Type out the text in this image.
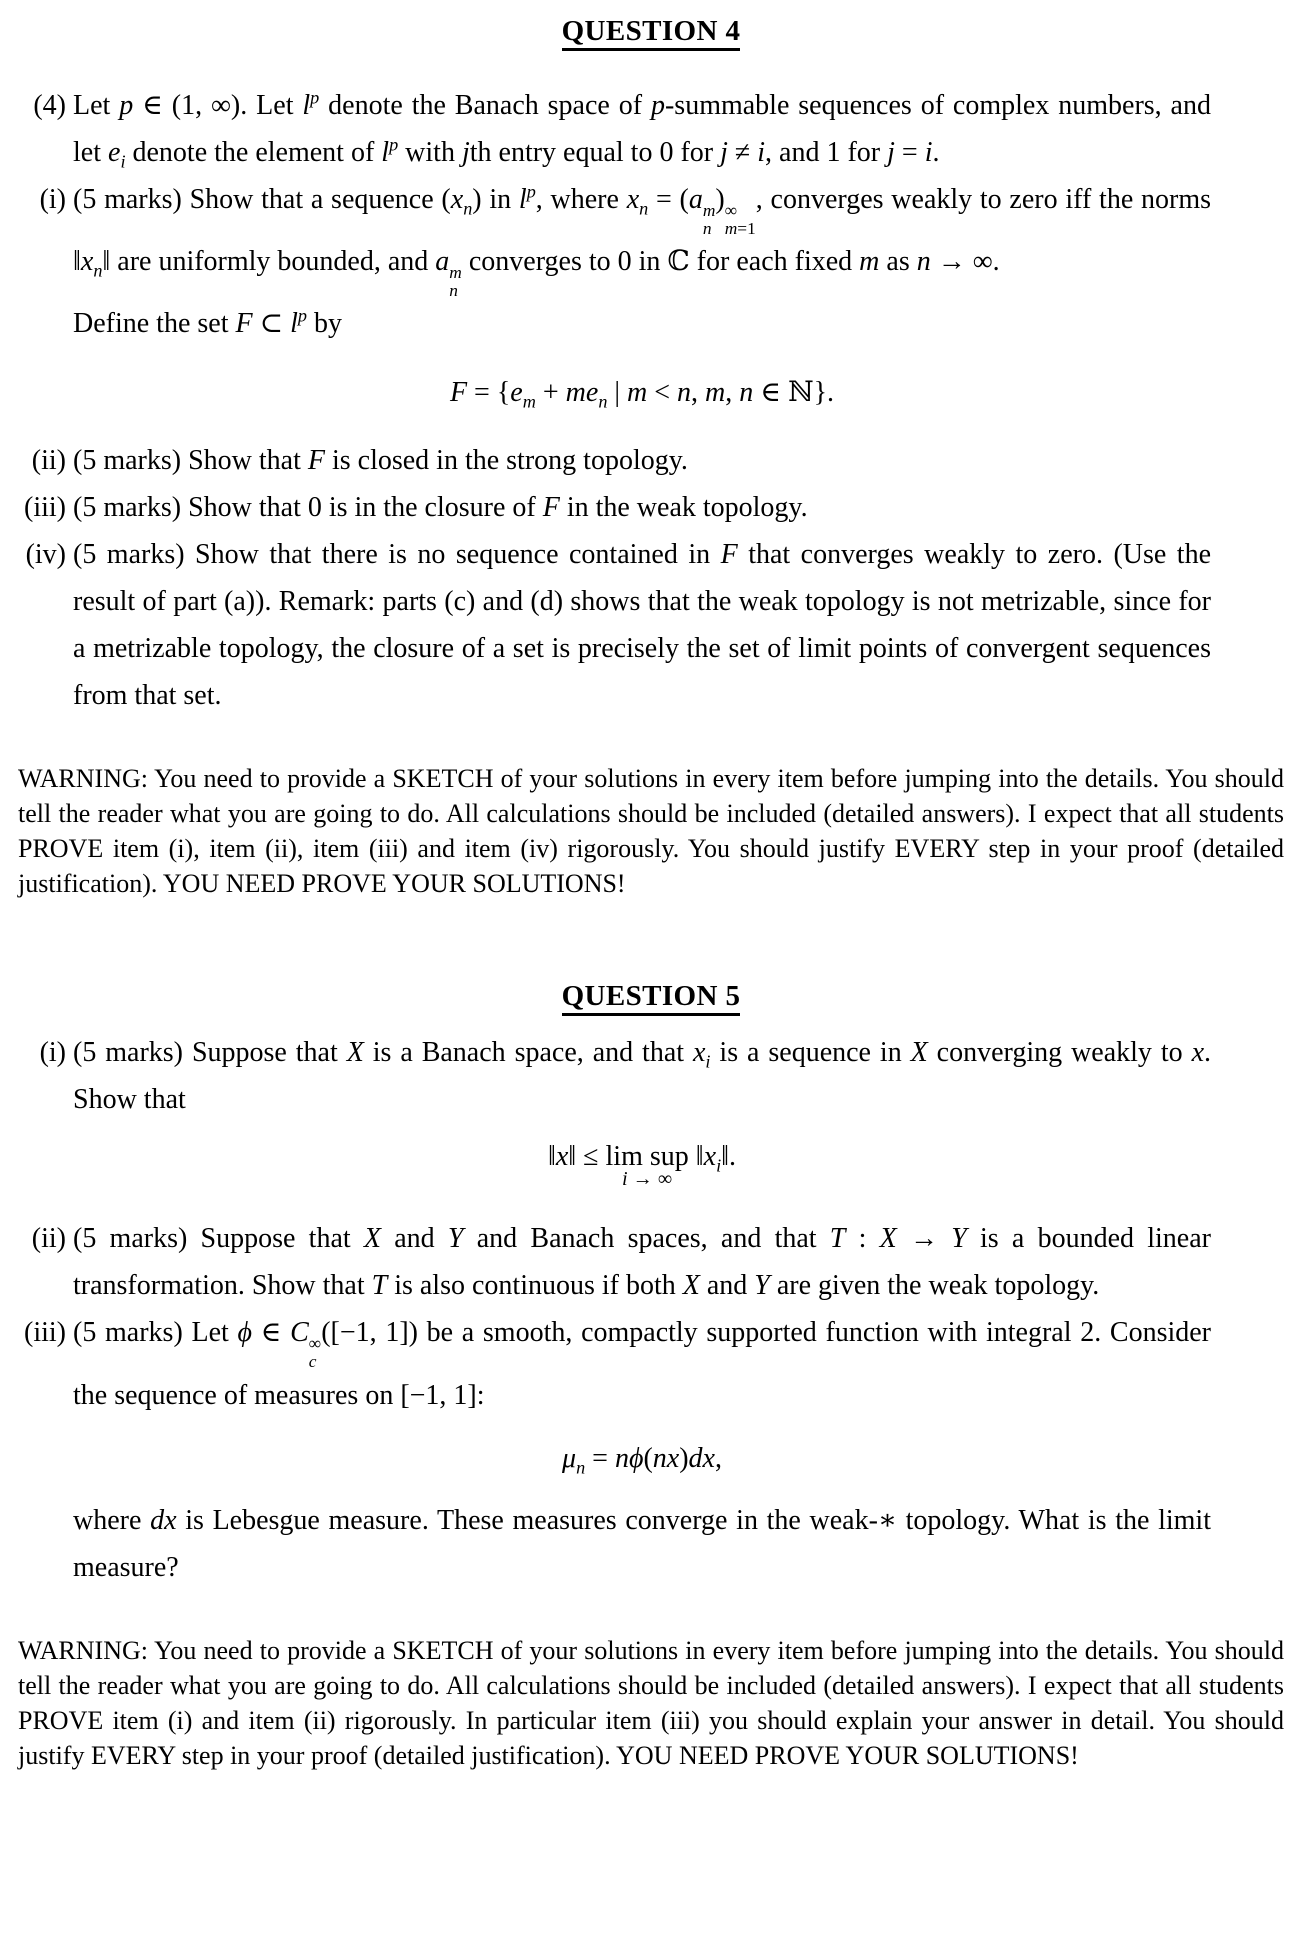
QUESTION 4
(4) Let p ∈ (1, ∞). Let $l^p$ denote the Banach space of p-summable sequences of complex numbers, and let $e_i$ denote the element of $l^p$ with jth entry equal to 0 for j ≠ i, and 1 for j = i.

(i) (5 marks) Show that a sequence $(x_n)$ in $l^p$, where $x_n = (a$ m
n
) ∞
m=1
, converges weakly to zero iff the norms $‖x_n‖$ are uniformly bounded, and a m
n
converges to 0 in ℂ for each fixed m as n → ∞.

Define the set F ⊂ $l^p$ by

$F = \{e_m + me_n$ | m < n, m, n ∈ ℕ}.
(ii) (5 marks) Show that F is closed in the strong topology.

(iii) (5 marks) Show that 0 is in the closure of F in the weak topology.

(iv) (5 marks) Show that there is no sequence contained in F that converges weakly to zero. (Use the result of part (a)). Remark: parts (c) and (d) shows that the weak topology is not metrizable, since for a metrizable topology, the closure of a set is precisely the set of limit points of convergent sequences from that set.

WARNING: You need to provide a SKETCH of your solutions in every item before jumping into the details. You should tell the reader what you are going to do. All calculations should be included (detailed answers). I expect that all students PROVE item (i), item (ii), item (iii) and item (iv) rigorously. You should justify EVERY step in your proof (detailed justification). YOU NEED PROVE YOUR SOLUTIONS!

QUESTION 5
(i) (5 marks) Suppose that X is a Banach space, and that $x_i$ is a sequence in X converging weakly to x. Show that

‖x‖ ≤ lim sup
i → ∞
$‖x_i‖$.
(ii) (5 marks) Suppose that X and Y and Banach spaces, and that T : X → Y is a bounded linear transformation. Show that T is also continuous if both X and Y are given the weak topology.

(iii) (5 marks) Let ϕ ∈ C ∞
c
([−1, 1]) be a smooth, compactly supported function with integral 2. Consider the sequence of measures on [−1, 1]:

$\mu_n = n\phi(nx)dx$,

where dx is Lebesgue measure. These measures converge in the weak-∗ topology. What is the limit measure?

WARNING: You need to provide a SKETCH of your solutions in every item before jumping into the details. You should tell the reader what you are going to do. All calculations should be included (detailed answers). I expect that all students PROVE item (i) and item (ii) rigorously. In particular item (iii) you should explain your answer in detail. You should justify EVERY step in your proof (detailed justification). YOU NEED PROVE YOUR SOLUTIONS!
